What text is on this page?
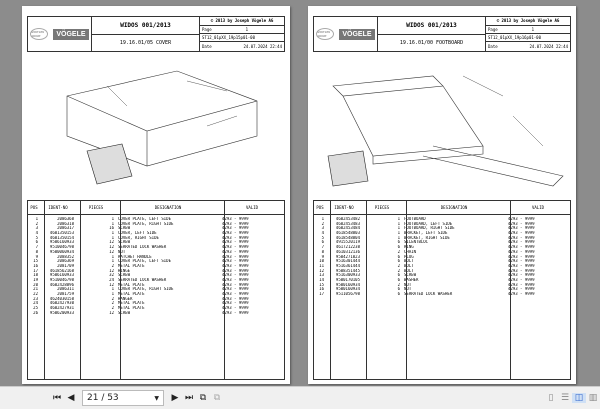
WIRTGEN GROUP	VÖGELE
WIDOS 001/2013
19.16.01/05 COVER
© 2013 by Joseph Vögele AG
Page	1
ST12_01pXX_19p15p01-00
Date	24.07.2024 22:44
POS	IDENT-NO	PIECES	DESIGNATION	VALID
1	2086368	1	COVER PLATE, LEFT SIDE	4293 - 9999
2	2086318	1	COVER PLATE, RIGHT SIDE	4293 - 9999
3	2086317	16	SCREW	4293 - 9999
4	4601350153	1	COVER, LEFT SIDE	4293 - 9999
5	4601350154	1	COVER, RIGHT SIDE	4293 - 9999
6	9506160933	12	SCREW	4293 - 9999
7	9510046798	12	SERRATED LOCK WASHER	4293 - 9999
8	9500060934	12	NUT	4293 - 9999
9	2088352	1	RATCHET HANDLE	4293 - 9999
15	2086369	1	COVER PLATE, LEFT SIDE	4293 - 9999
16	2081709	2	METAL PLATE	4293 - 9999
17	4618562168	12	HINGE	4293 - 9999
18	9506160933	32	SCREW	4293 - 9999
19	9510046798	24	SERRATED LOCK WASHER	4293 - 9999
20	4602428896	12	METAL PLATE	4293 - 9999
21	2086311	1	COVER PLATE, RIGHT SIDE	4293 - 9999
22	2081759	1	METAL PLATE	4293 - 9999
23	4624030158	2	HANGER	4293 - 9999
24	4602427930	2	METAL PLATE	4293 - 9999
25	4602427931	2	METAL PLATE	4293 - 9999
26	9506200933	12	SCREW	4293 - 9999
WIRTGEN GROUP	VÖGELE
WIDOS 001/2013
19.16.01/00 FOOTBOARD
© 2013 by Joseph Vögele AG
Page	1
ST12_01pXX_19p16p01-00
Date	24.07.2024 22:44
POS	IDENT-NO	PIECES	DESIGNATION	VALID
1	4602453482	1	FOOTBOARD	4293 - 9999
2	4602453483	1	FOOTBOARD, LEFT SIDE	4293 - 9999
3	4602453484	1	FOOTBOARD, RIGHT SIDE	4293 - 9999
4	4618548803	1	BRACKET, LEFT SIDE	4293 - 9999
5	4618548804	1	BRACKET, RIGHT SIDE	4293 - 9999
6	4915520119	6	SILENTBLOC	4293 - 9999
7	4617212238	6	RING	4293 - 9999
8	4610312136	2	CHAIN	4293 - 9999
9	9504271023	6	PLUG	4293 - 9999
10	9516301444	6	BOLT	4293 - 9999
11	9516361444	2	BOLT	4293 - 9999
12	9508351445	2	BOLT	4293 - 9999
13	9516300933	6	SCREW	4293 - 9999
14	9500170105	6	WASHER	4293 - 9999
15	9500160934	2	NUT	4293 - 9999
16	9500160934	6	NUT	4293 - 9999
17	9511056798	6	SERRATED LOCK WASHER	4293 - 9999
⏮ ◀	21 / 53	▼	▶ ⏭ ⧉ ⧉	▯ ☰ ◫ ▥
